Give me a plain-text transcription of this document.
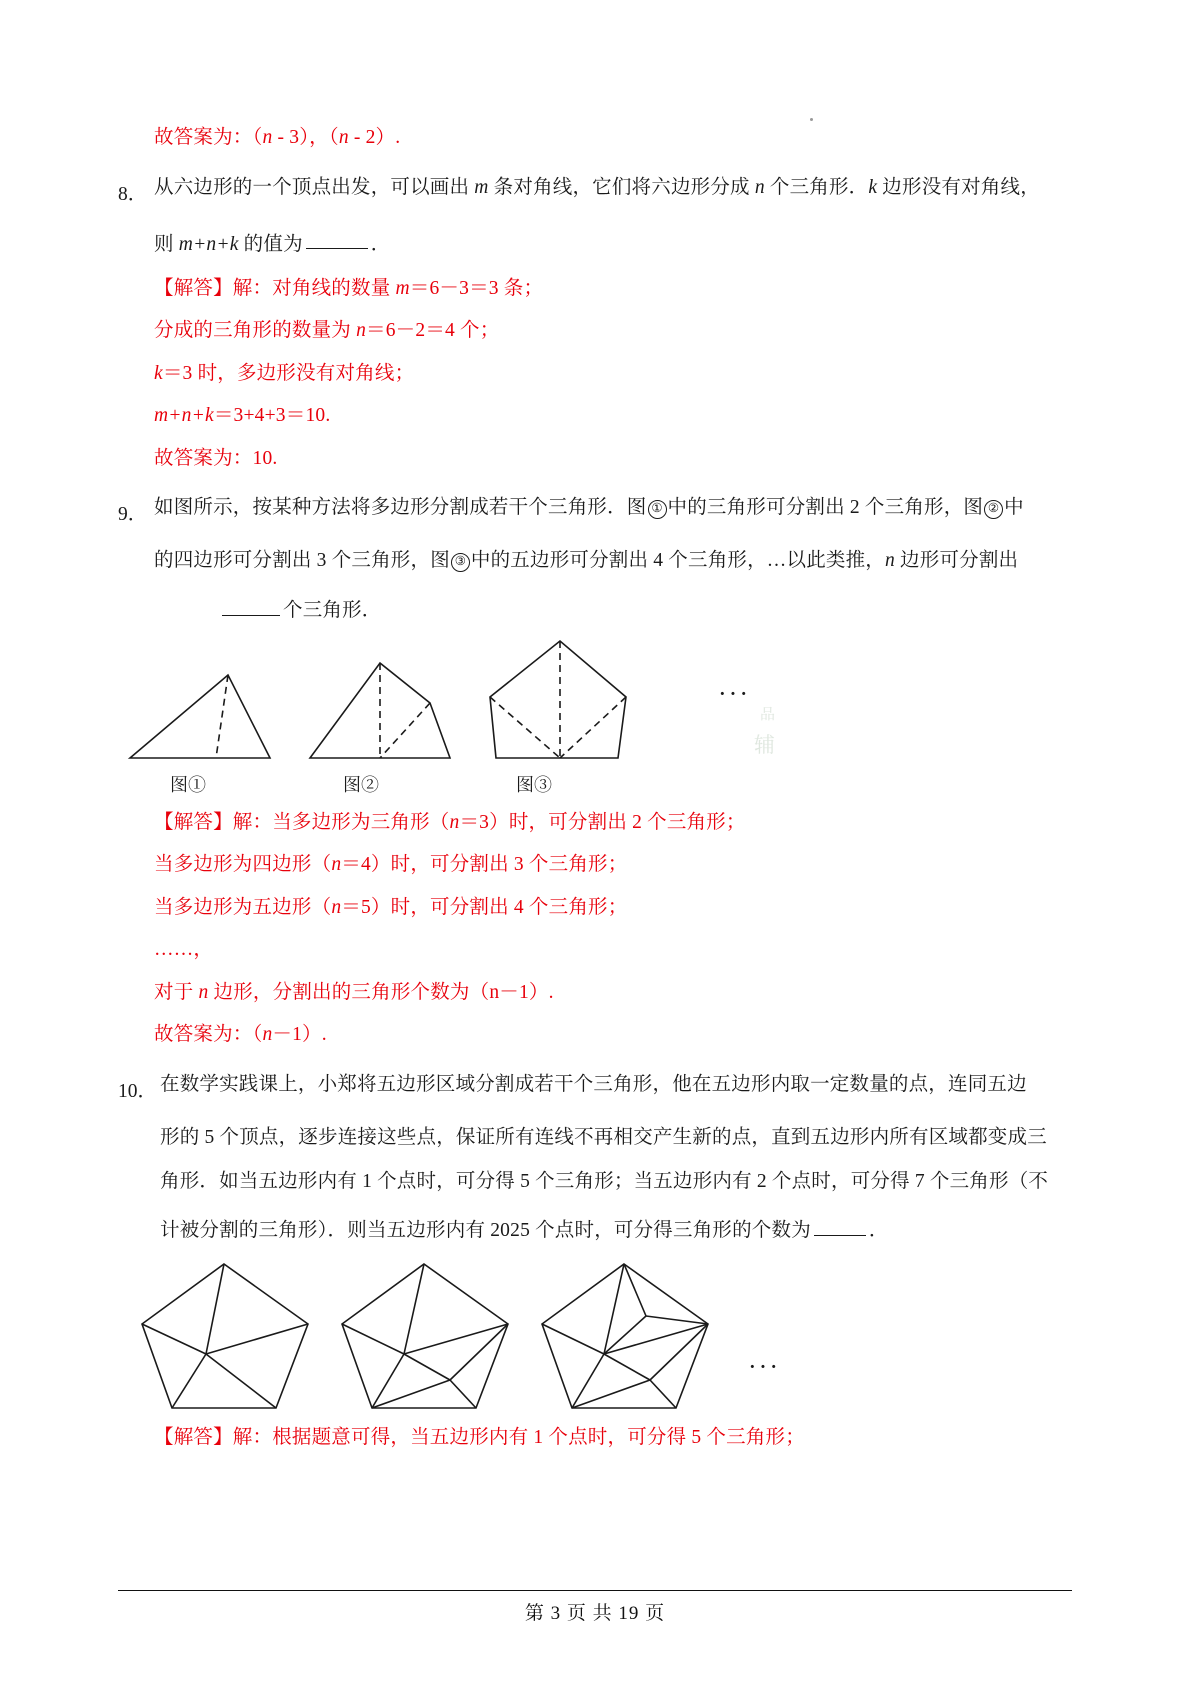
故答案为：（n - 3），（n - 2）.
8． 从六边形的一个顶点出发，可以画出 m 条对角线，它们将六边形分成 n 个三角形．k 边形没有对角线，
则 m+n+k 的值为	．
【解答】解：对角线的数量 m＝6－3＝3 条；
分成的三角形的数量为 n＝6－2＝4 个；
k＝3 时，多边形没有对角线；
m+n+k＝3+4+3＝10.
故答案为：10.
9． 如图所示，按某种方法将多边形分割成若干个三角形．图 ① 中的三角形可分割出 2 个三角形，图 ② 中
的四边形可分割出 3 个三角形，图 ③ 中的五边形可分割出 4 个三角形，…以此类推，n 边形可分割出
个三角形．
···
品
辅
图①	图②	图③
【解答】解：当多边形为三角形（n＝3）时，可分割出 2 个三角形；
当多边形为四边形（n＝4）时，可分割出 3 个三角形；
当多边形为五边形（n＝5）时，可分割出 4 个三角形；
……，
对于 n 边形，分割出的三角形个数为（n－1）.
故答案为：（n－1）.
10． 在数学实践课上，小郑将五边形区域分割成若干个三角形，他在五边形内取一定数量的点，连同五边
形的 5 个顶点，逐步连接这些点，保证所有连线不再相交产生新的点，直到五边形内所有区域都变成三
角形．如当五边形内有 1 个点时，可分得 5 个三角形；当五边形内有 2 个点时，可分得 7 个三角形（不
计被分割的三角形）．则当五边形内有 2025 个点时，可分得三角形的个数为	．
···
【解答】解：根据题意可得，当五边形内有 1 个点时，可分得 5 个三角形；
第 3 页 共 19 页
